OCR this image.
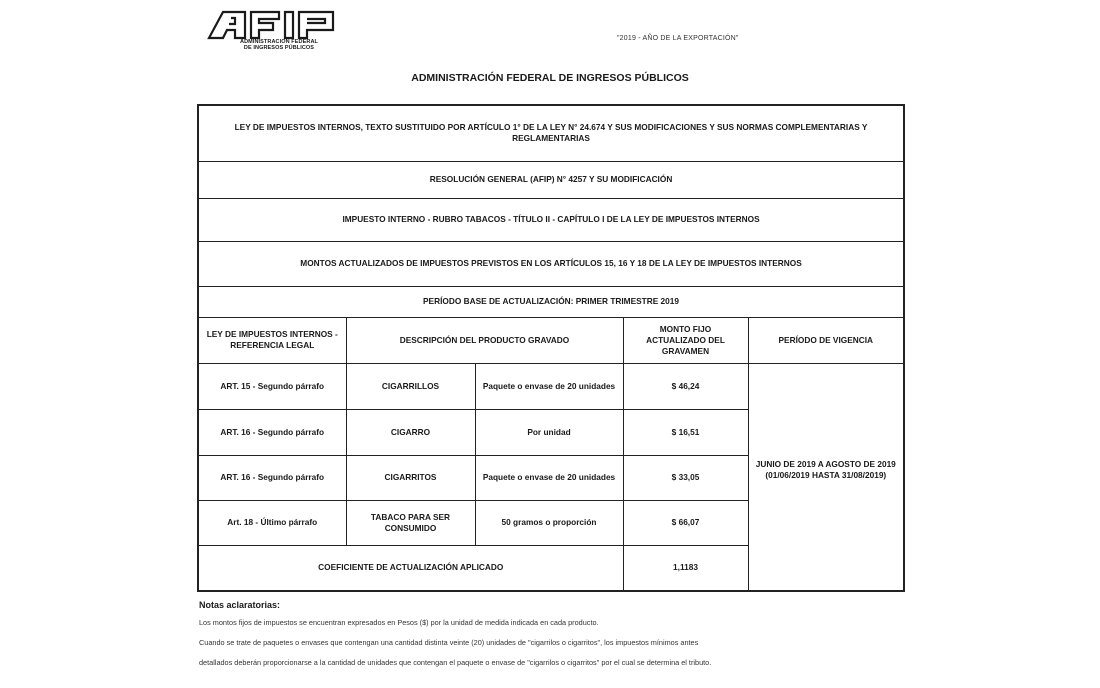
ADMINISTRACION FEDERAL
DE INGRESOS PÚBLICOS
"2019 - AÑO DE LA EXPORTACIÓN"
ADMINISTRACIÓN FEDERAL DE INGRESOS PÚBLICOS
LEY DE IMPUESTOS INTERNOS, TEXTO SUSTITUIDO POR ARTÍCULO 1° DE LA LEY N° 24.674 Y SUS MODIFICACIONES Y SUS NORMAS COMPLEMENTARIAS Y REGLAMENTARIAS				
RESOLUCIÓN GENERAL (AFIP) N° 4257 Y SU MODIFICACIÓN				
IMPUESTO INTERNO - RUBRO TABACOS - TÍTULO II - CAPÍTULO I DE LA LEY DE IMPUESTOS INTERNOS				
MONTOS ACTUALIZADOS DE IMPUESTOS PREVISTOS EN LOS ARTÍCULOS 15, 16 Y 18 DE LA LEY DE IMPUESTOS INTERNOS				
PERÍODO BASE DE ACTUALIZACIÓN: PRIMER TRIMESTRE 2019				
LEY DE IMPUESTOS INTERNOS - REFERENCIA LEGAL	DESCRIPCIÓN DEL PRODUCTO GRAVADO		MONTO FIJO ACTUALIZADO DEL GRAVAMEN	PERÍODO DE VIGENCIA
ART. 15 - Segundo párrafo	CIGARRILLOS	Paquete o envase de 20 unidades	$ 46,24	JUNIO DE 2019 A AGOSTO DE 2019 (01/06/2019 HASTA 31/08/2019)
ART. 16 - Segundo párrafo	CIGARRO	Por unidad	$ 16,51	
ART. 16 - Segundo párrafo	CIGARRITOS	Paquete o envase de 20 unidades	$ 33,05	
Art. 18 - Último párrafo	TABACO PARA SER CONSUMIDO	50 gramos o proporción	$ 66,07	
COEFICIENTE DE ACTUALIZACIÓN APLICADO			1,1183	
Notas aclaratorias:
Los montos fijos de impuestos se encuentran expresados en Pesos ($) por la unidad de medida indicada en cada producto.
Cuando se trate de paquetes o envases que contengan una cantidad distinta veinte (20) unidades de "cigarrilos o cigarritos", los impuestos mínimos antes
detallados deberán proporcionarse a la cantidad de unidades que contengan el paquete o envase de "cigarrilos o cigarritos" por el cual se determina el tributo.
